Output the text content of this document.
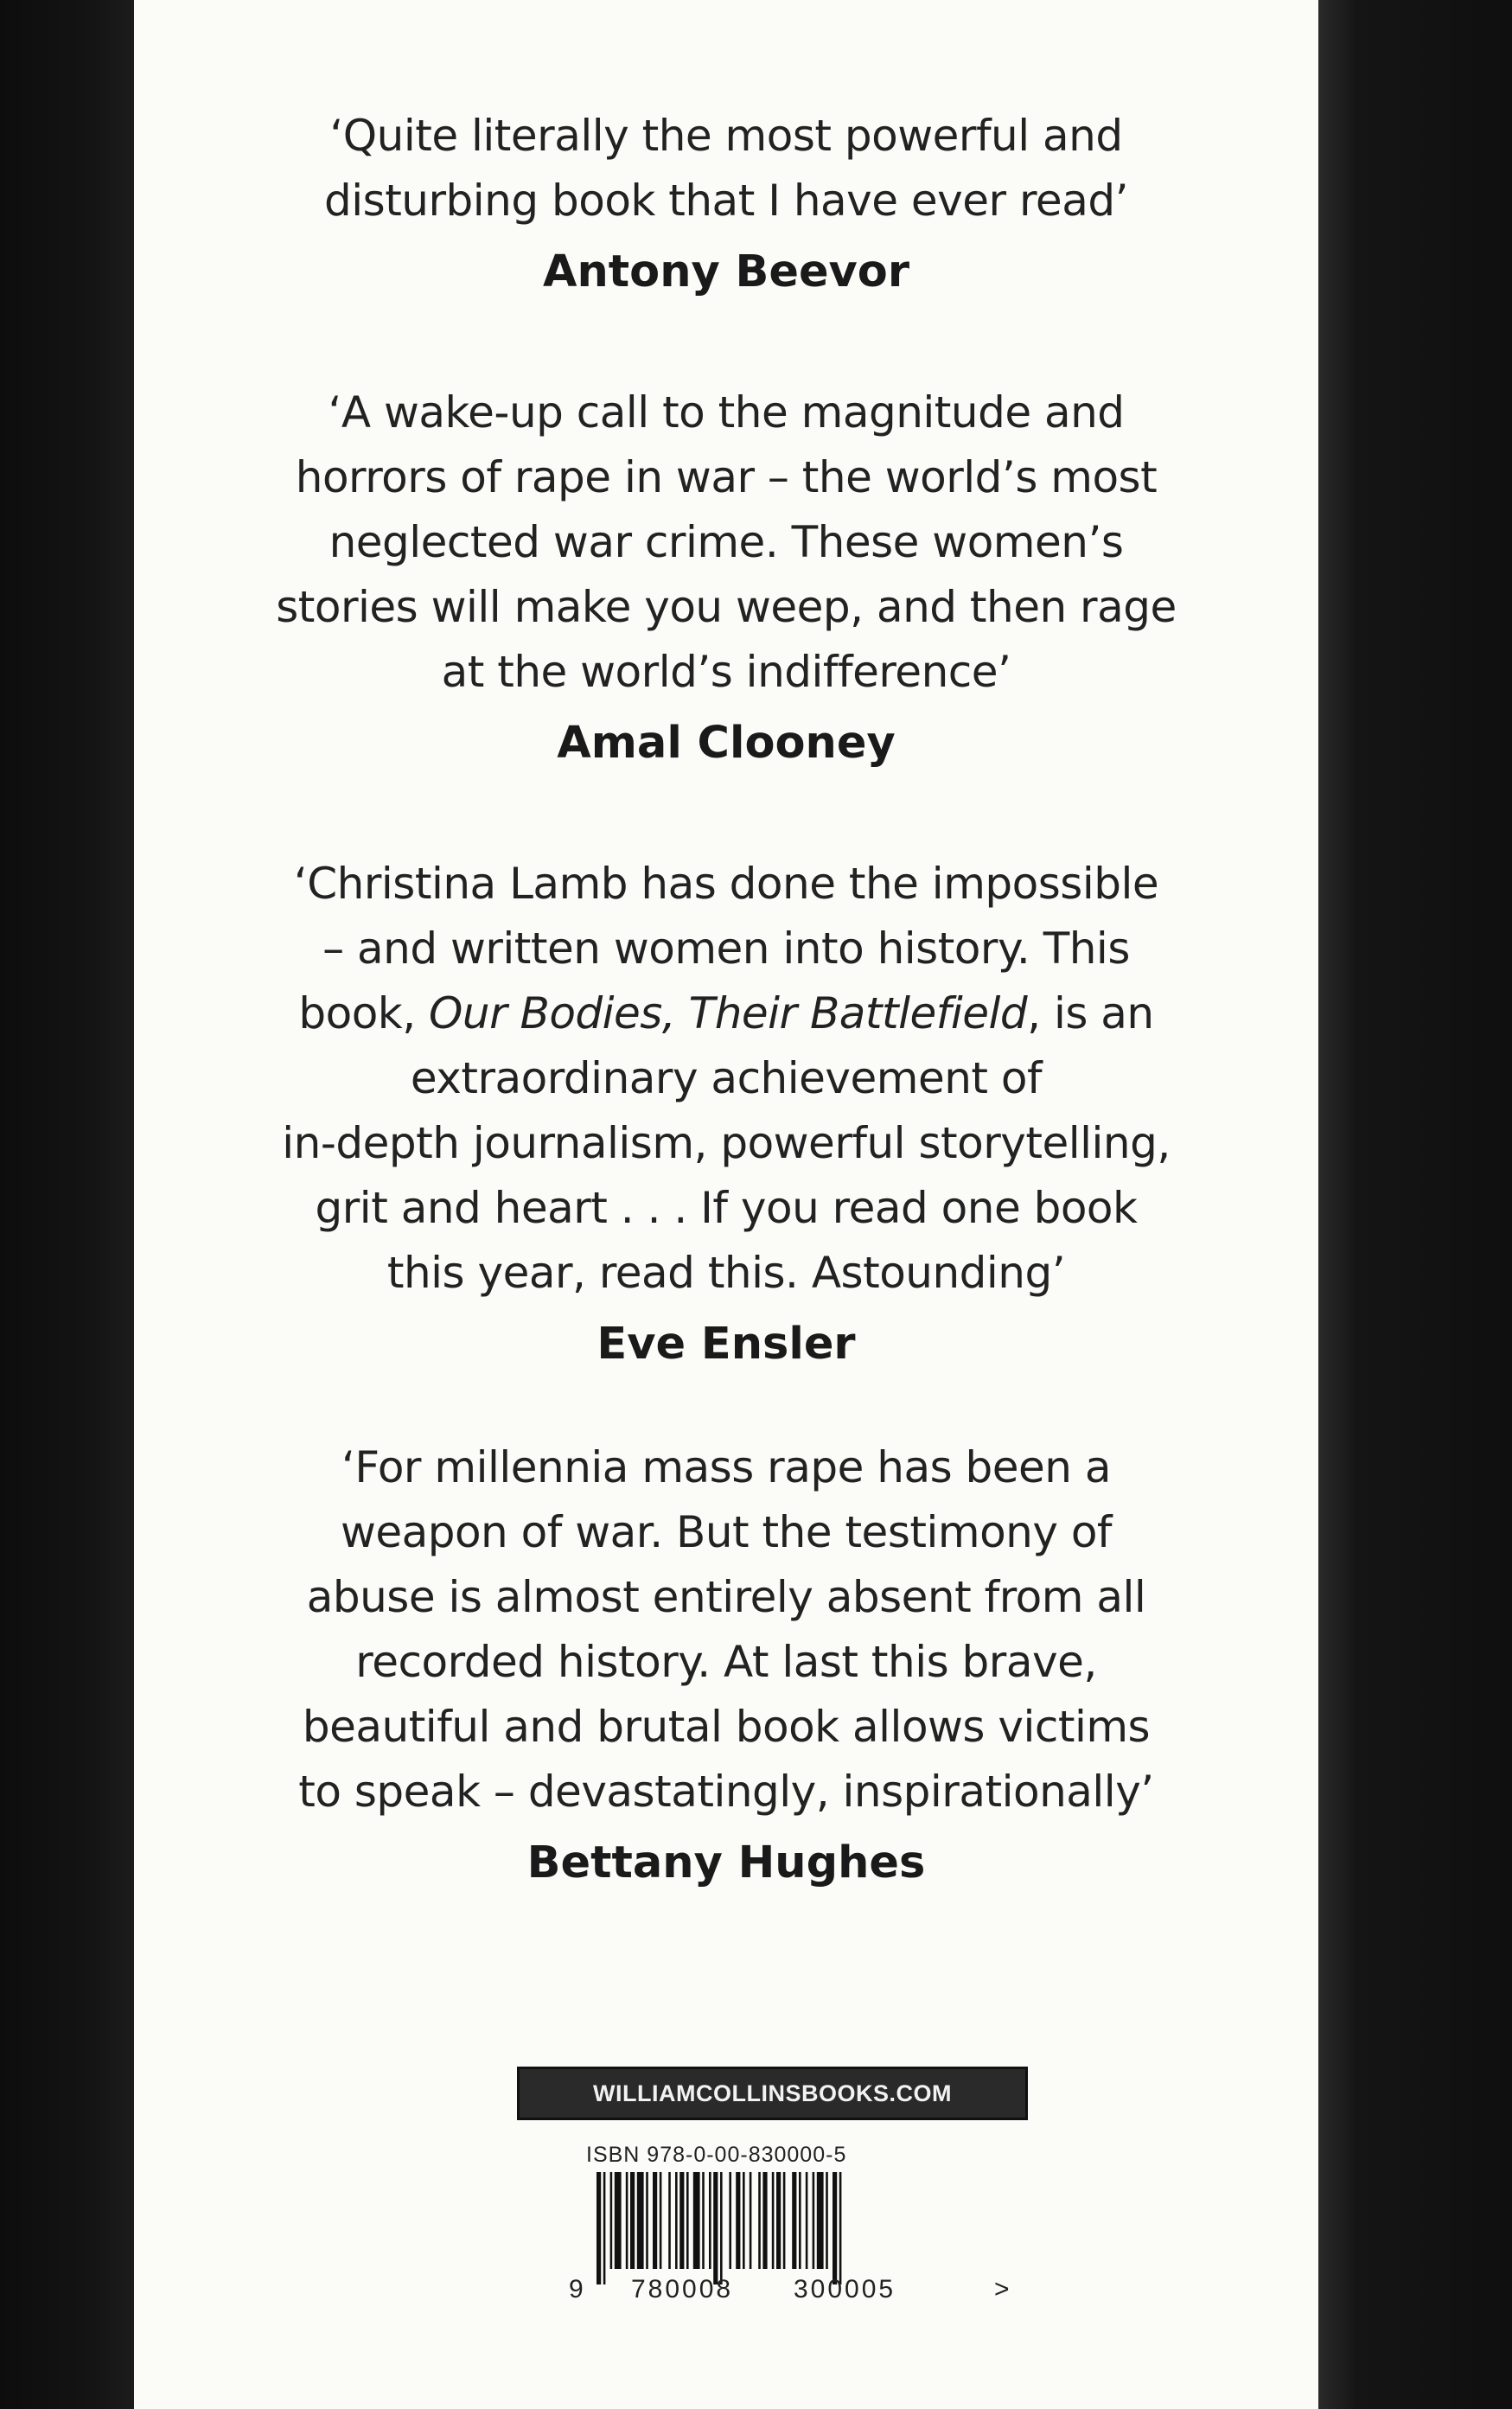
‘Quite literally the most powerful and
disturbing book that I have ever read’
Antony Beevor
‘A wake-up call to the magnitude and
horrors of rape in war – the world’s most
neglected war crime. These women’s
stories will make you weep, and then rage
at the world’s indifference’
Amal Clooney
‘Christina Lamb has done the impossible
– and written women into history. This
book, Our Bodies, Their Battlefield, is an
extraordinary achievement of
in-depth journalism, powerful storytelling,
grit and heart . . . If you read one book
this year, read this. Astounding’
Eve Ensler
‘For millennia mass rape has been a
weapon of war. But the testimony of
abuse is almost entirely absent from all
recorded history. At last this brave,
beautiful and brutal book allows victims
to speak – devastatingly, inspirationally’
Bettany Hughes
WILLIAMCOLLINSBOOKS.COM
ISBN 978-0-00-830000-5
9 780008 300005	>
